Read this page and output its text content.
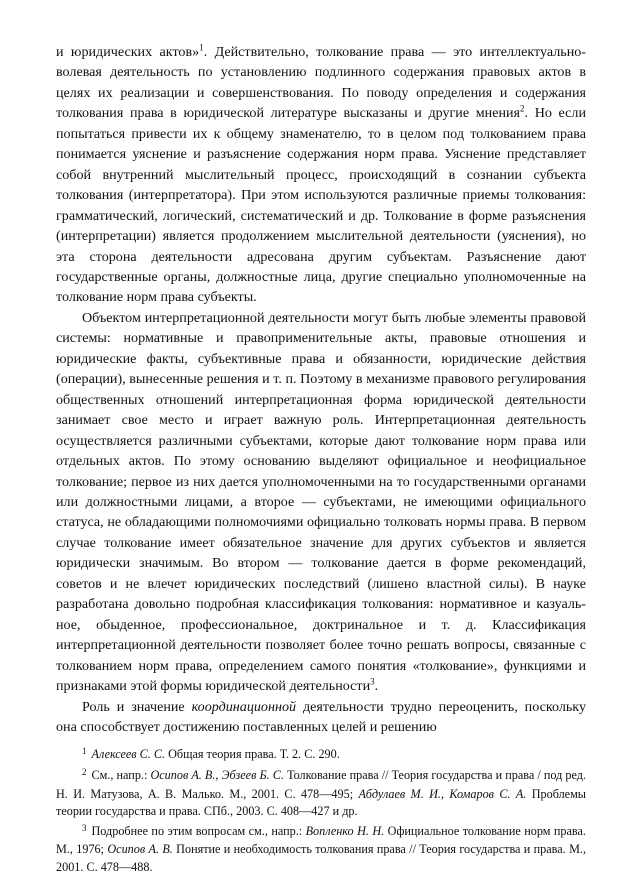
и юридических актов»$^1$. Действительно, толкование права — это интеллектуально-волевая деятельность по установлению подлинного содержания правовых актов в целях их реализации и совершенствования. По поводу определения и содержания толкования права в юридической литературе высказаны и другие мнения$^2$. Но если попытаться привести их к общему знаменателю, то в целом под толкованием права понимается уяснение и разъяснение содержания норм права. Уяснение представляет собой внутренний мыслительный процесс, происходящий в сознании субъекта толкования (интерпретатора). При этом используются различные приемы толкования: грамматический, логический, систематический и др. Толкование в форме разъяснения (интерпретации) является продолжением мыслительной деятельности (уяснения), но эта сторона деятельности адресована другим субъектам. Разъяснение дают государственные органы, должностные лица, другие специально уполномоченные на толкование норм права субъекты.

Объектом интерпретационной деятельности могут быть любые элементы правовой системы: нормативные и правоприменительные акты, правовые отношения и юридические факты, субъективные права и обязанности, юридические действия (операции), вынесенные решения и т. п. Поэтому в механизме правового регулирования общественных отношений интерпретационная форма юридической деятельности занимает свое место и играет важную роль. Интерпретационная деятельность осуществляется различными субъектами, которые дают толкование норм права или отдельных актов. По этому основанию выделяют официальное и неофициальное толкование; первое из них дается уполномоченными на то государственными органами или должностными лицами, а второе — субъектами, не имеющими официального статуса, не обладающими полномочиями официально толковать нормы права. В первом случае толкование имеет обязательное значение для других субъектов и является юридически значимым. Во втором — толкование дается в форме рекомендаций, советов и не влечет юридических последствий (лишено властной силы). В науке разработана довольно подробная классификация толкования: нормативное и казуальное, обыденное, профессиональное, доктринальное и т. д. Классификация интерпретационной деятельности позволяет более точно решать вопросы, связанные с толкованием норм права, определением самого понятия «толкование», функциями и признаками этой формы юридической деятельности$^3$.

Роль и значение координационной деятельности трудно переоценить, поскольку она способствует достижению поставленных целей и решению

$^1$ Алексеев С. С. Общая теория права. Т. 2. С. 290.

$^2$ См., напр.: Осипов А. В., Эбзеев Б. С. Толкование права // Теория государства и права / под ред. Н. И. Матузова, А. В. Малько. М., 2001. С. 478—495; Абдулаев М. И., Комаров С. А. Проблемы теории государства и права. СПб., 2003. С. 408—427 и др.

$^3$ Подробнее по этим вопросам см., напр.: Вопленко Н. Н. Официальное толкование норм права. М., 1976; Осипов А. В. Понятие и необходимость толкования права // Теория государства и права. М., 2001. С. 478—488.
